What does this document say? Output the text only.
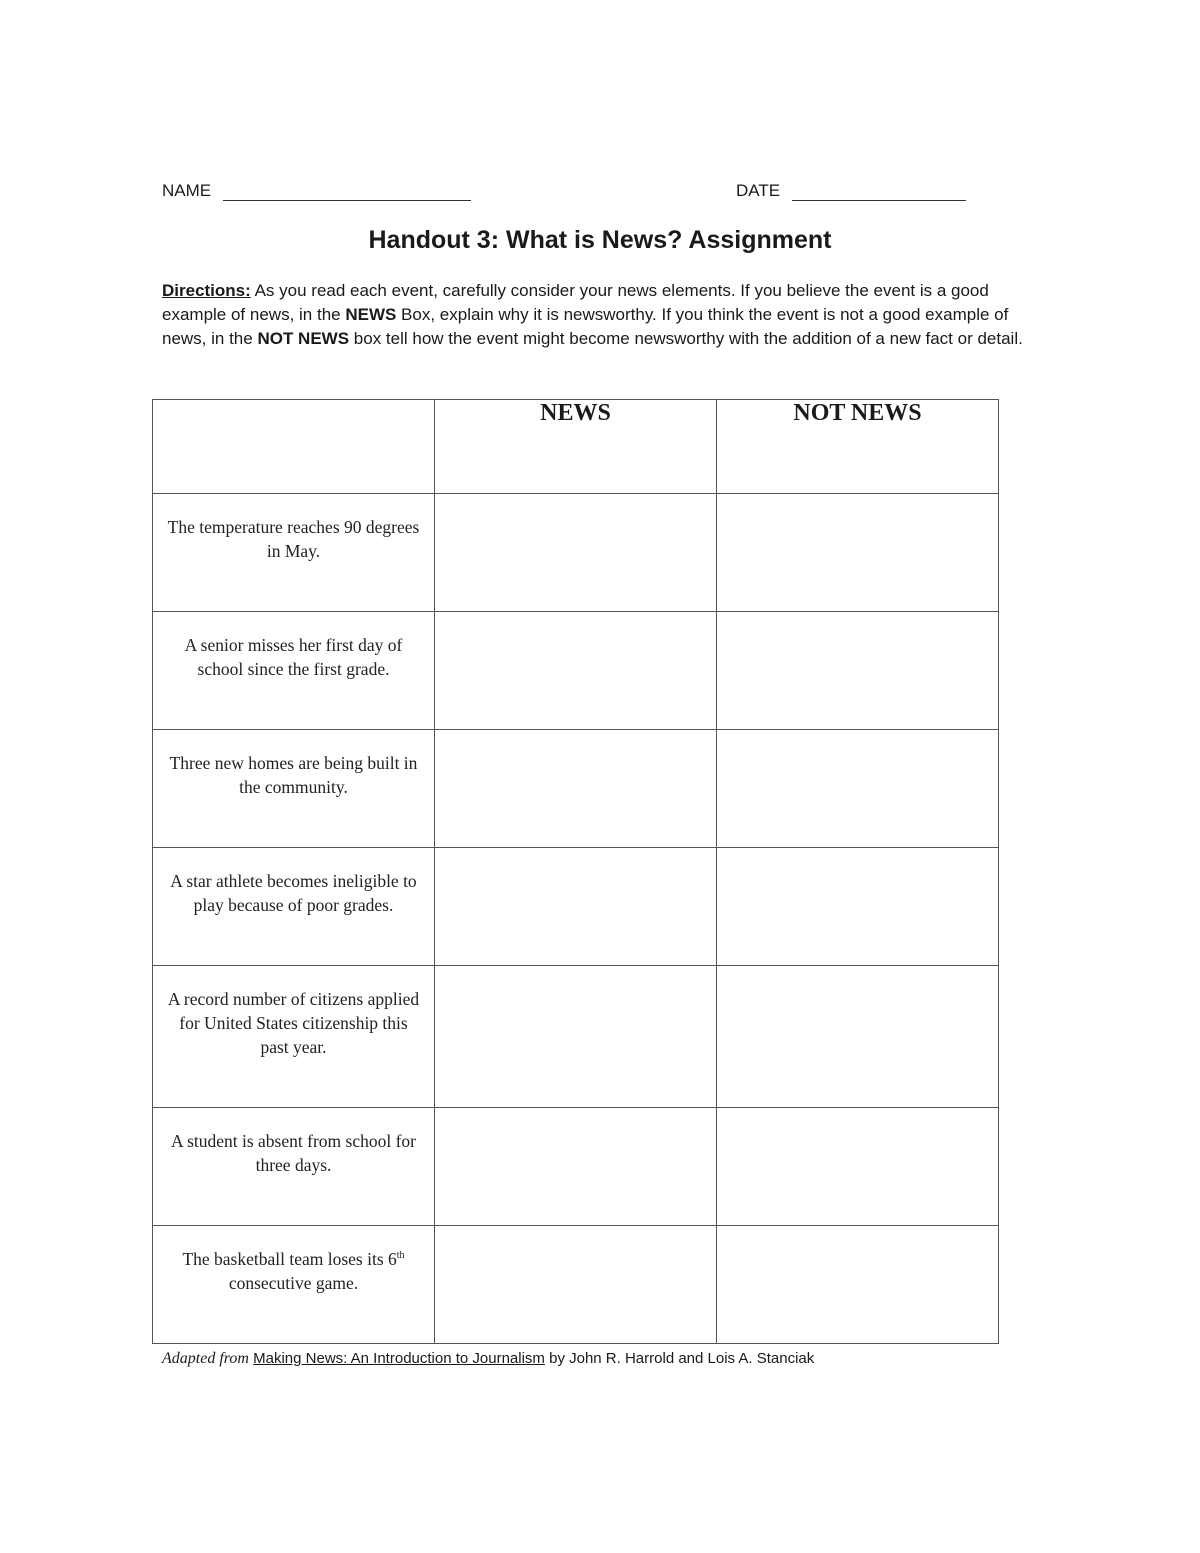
NAME	DATE
Handout 3: What is News? Assignment
Directions: As you read each event, carefully consider your news elements. If you believe the event is a good example of news, in the NEWS Box, explain why it is newsworthy. If you think the event is not a good example of news, in the NOT NEWS box tell how the event might become newsworthy with the addition of a new fact or detail.
	NEWS	NOT NEWS
The temperature reaches 90 degrees in May.		
A senior misses her first day of school since the first grade.		
Three new homes are being built in the community.		
A star athlete becomes ineligible to play because of poor grades.		
A record number of citizens applied for United States citizenship this past year.		
A student is absent from school for three days.		
The basketball team loses its 6th consecutive game.		
Adapted from Making News: An Introduction to Journalism by John R. Harrold and Lois A. Stanciak
